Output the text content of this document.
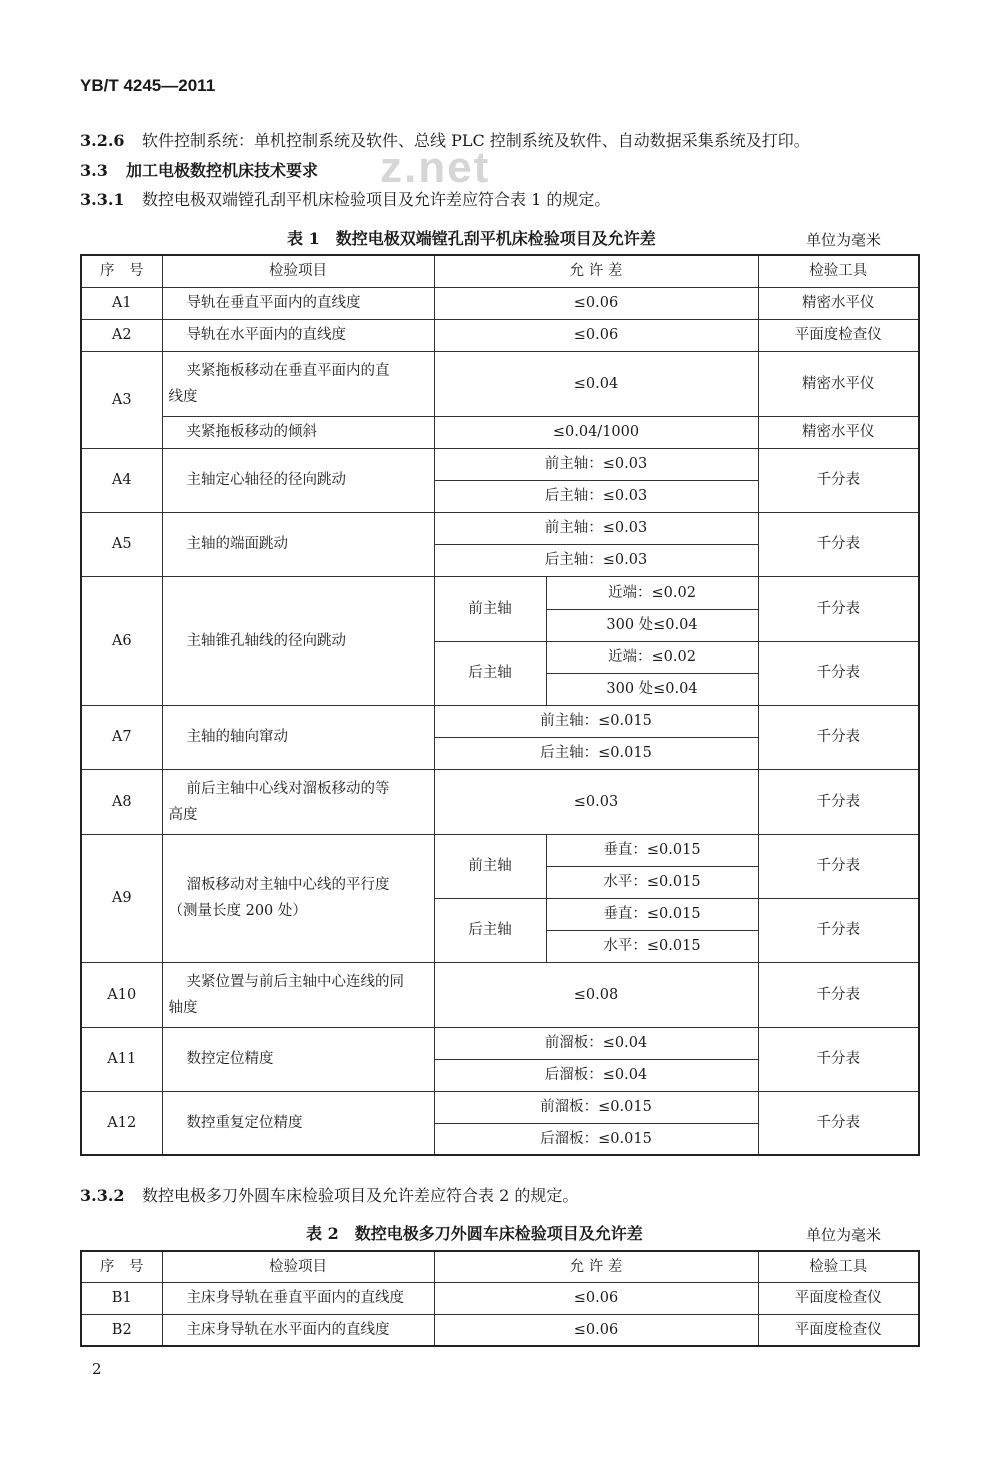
YB/T 4245—2011
z.net
3.2.6 软件控制系统：单机控制系统及软件、总线 PLC 控制系统及软件、自动数据采集系统及打印。
3.3 加工电极数控机床技术要求
3.3.1 数控电极双端镗孔刮平机床检验项目及允许差应符合表 1 的规定。
表 1　数控电极双端镗孔刮平机床检验项目及允许差	单位为毫米
序　号	检验项目	允 许 差		检验工具
A1	导轨在垂直平面内的直线度	≤0.06		精密水平仪
A2	导轨在水平面内的直线度	≤0.06		平面度检查仪
A3	夹紧拖板移动在垂直平面内的直
线度	≤0.04		精密水平仪
	夹紧拖板移动的倾斜	≤0.04/1000		精密水平仪
A4	主轴定心轴径的径向跳动	前主轴：≤0.03		千分表
		后主轴：≤0.03		
A5	主轴的端面跳动	前主轴：≤0.03		千分表
		后主轴：≤0.03		
A6	主轴锥孔轴线的径向跳动	前主轴	近端：≤0.02	千分表
			300 处≤0.04	
		后主轴	近端：≤0.02	千分表
			300 处≤0.04	
A7	主轴的轴向窜动	前主轴：≤0.015		千分表
		后主轴：≤0.015		
A8	前后主轴中心线对溜板移动的等
高度	≤0.03		千分表
A9	溜板移动对主轴中心线的平行度
（测量长度 200 处）	前主轴	垂直：≤0.015	千分表
			水平：≤0.015	
		后主轴	垂直：≤0.015	千分表
			水平：≤0.015	
A10	夹紧位置与前后主轴中心连线的同
轴度	≤0.08		千分表
A11	数控定位精度	前溜板：≤0.04		千分表
		后溜板：≤0.04		
A12	数控重复定位精度	前溜板：≤0.015		千分表
		后溜板：≤0.015		
3.3.2 数控电极多刀外圆车床检验项目及允许差应符合表 2 的规定。
表 2　数控电极多刀外圆车床检验项目及允许差	单位为毫米
序　号	检验项目	允 许 差	检验工具
B1	主床身导轨在垂直平面内的直线度	≤0.06	平面度检查仪
B2	主床身导轨在水平面内的直线度	≤0.06	平面度检查仪
2
